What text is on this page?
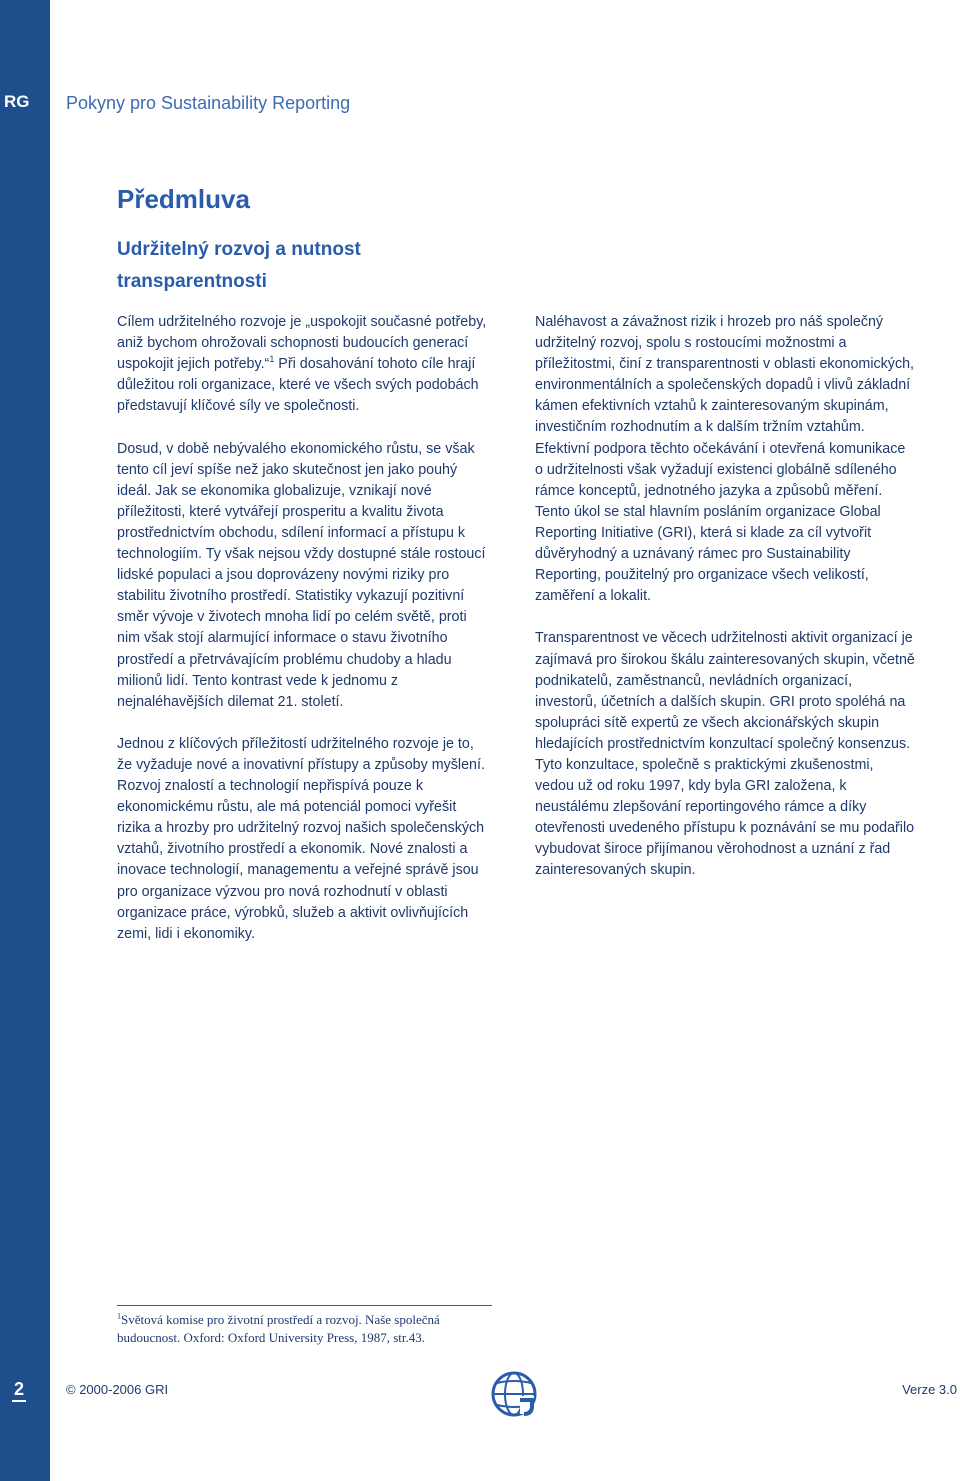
RG Pokyny pro Sustainability Reporting
Předmluva
Udržitelný rozvoj a nutnost transparentnosti

Cílem udržitelného rozvoje je „uspokojit současné potřeby, aniž bychom ohrožovali schopnosti budoucích generací uspokojit jejich potřeby.“$^1$ Při dosahování tohoto cíle hrají důležitou roli organizace, které ve všech svých podobách představují klíčové síly ve společnosti.

Dosud, v době nebývalého ekonomického růstu, se však tento cíl jeví spíše než jako skutečnost jen jako pouhý ideál. Jak se ekonomika globalizuje, vznikají nové příležitosti, které vytvářejí prosperitu a kvalitu života prostřednictvím obchodu, sdílení informací a přístupu k technologiím. Ty však nejsou vždy dostupné stále rostoucí lidské populaci a jsou doprovázeny novými riziky pro stabilitu životního prostředí. Statistiky vykazují pozitivní směr vývoje v životech mnoha lidí po celém světě, proti nim však stojí alarmující informace o stavu životního prostředí a přetrvávajícím problému chudoby a hladu milionů lidí. Tento kontrast vede k jednomu z nejnaléhavějších dilemat 21. století.

Jednou z klíčových příležitostí udržitelného rozvoje je to, že vyžaduje nové a inovativní přístupy a způsoby myšlení. Rozvoj znalostí a technologií nepřispívá pouze k ekonomickému růstu, ale má potenciál pomoci vyřešit rizika a hrozby pro udržitelný rozvoj našich společenských vztahů, životního prostředí a ekonomik. Nové znalosti a inovace technologií, managementu a veřejné správě jsou pro organizace výzvou pro nová rozhodnutí v oblasti organizace práce, výrobků, služeb a aktivit ovlivňujících zemi, lidi i ekonomiky.

Naléhavost a závažnost rizik i hrozeb pro náš společný udržitelný rozvoj, spolu s rostoucími možnostmi a příležitostmi, činí z transparentnosti v oblasti ekonomických, environmentálních a společenských dopadů i vlivů základní kámen efektivních vztahů k zainteresovaným skupinám, investičním rozhodnutím a k dalším tržním vztahům. Efektivní podpora těchto očekávání i otevřená komunikace o udržitelnosti však vyžadují existenci globálně sdíleného rámce konceptů, jednotného jazyka a způsobů měření. Tento úkol se stal hlavním posláním organizace Global Reporting Initiative (GRI), která si klade za cíl vytvořit důvěryhodný a uznávaný rámec pro Sustainability Reporting, použitelný pro organizace všech velikostí, zaměření a lokalit.

Transparentnost ve věcech udržitelnosti aktivit organizací je zajímavá pro širokou škálu zainteresovaných skupin, včetně podnikatelů, zaměstnanců, nevládních organizací, investorů, účetních a dalších skupin. GRI proto spoléhá na spolupráci sítě expertů ze všech akcionářských skupin hledajících prostřednictvím konzultací společný konsenzus. Tyto konzultace, společně s praktickými zkušenostmi, vedou už od roku 1997, kdy byla GRI založena, k neustálému zlepšování reportingového rámce a díky otevřenosti uvedeného přístupu k poznávání se mu podařilo vybudovat široce přijímanou věrohodnost a uznání z řad zainteresovaných skupin.

$^1$Světová komise pro životní prostředí a rozvoj. Naše společná budoucnost. Oxford: Oxford University Press, 1987, str.43.
2	© 2000-2006 GRI	Verze 3.0
